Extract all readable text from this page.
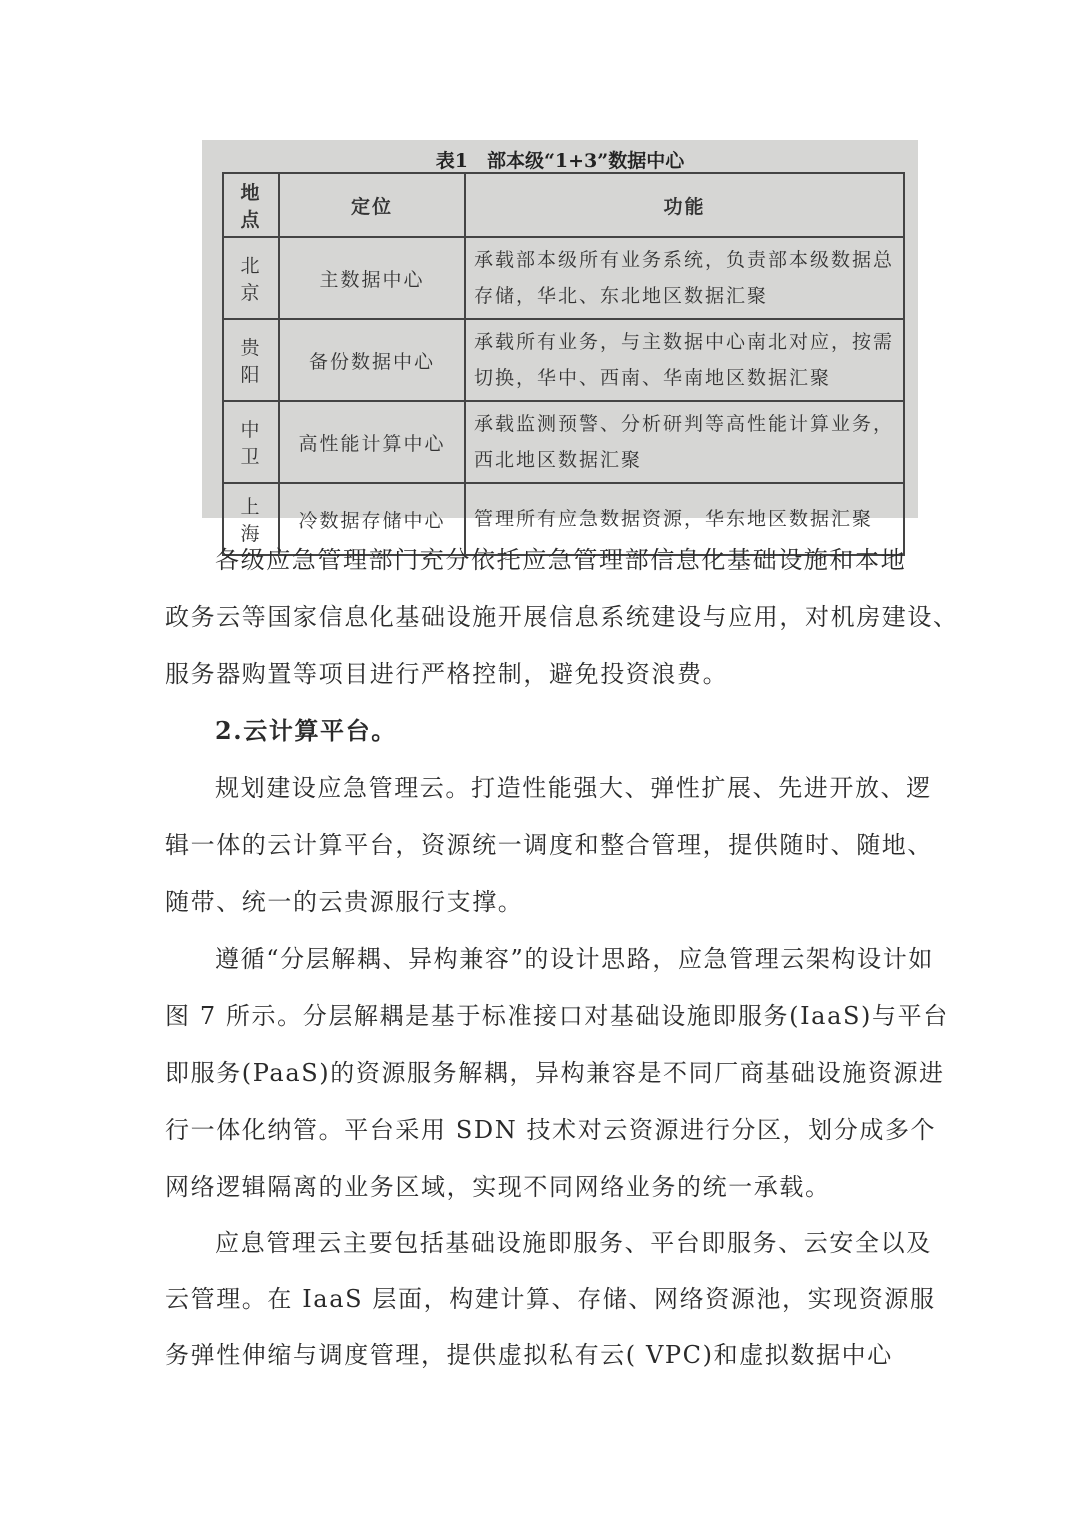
表1　部本级“1+3”数据中心
地点	定位	功能
北京	主数据中心	承载部本级所有业务系统，负责部本级数据总存储，华北、东北地区数据汇聚
贵阳	备份数据中心	承载所有业务，与主数据中心南北对应，按需切换，华中、西南、华南地区数据汇聚
中卫	高性能计算中心	承载监测预警、分析研判等高性能计算业务，西北地区数据汇聚
上海	冷数据存储中心	管理所有应急数据资源，华东地区数据汇聚
各级应急管理部门充分依托应急管理部信息化基础设施和本地
政务云等国家信息化基础设施开展信息系统建设与应用，对机房建设、
服务器购置等项目进行严格控制，避免投资浪费。
2.云计算平台。
规划建设应急管理云。打造性能强大、弹性扩展、先进开放、逻
辑一体的云计算平台，资源统一调度和整合管理，提供随时、随地、
随带、统一的云贵源服行支撑。
遵循“分层解耦、异构兼容”的设计思路，应急管理云架构设计如
图 7 所示。分层解耦是基于标准接口对基础设施即服务(IaaS)与平台
即服务(PaaS)的资源服务解耦，异构兼容是不同厂商基础设施资源进
行一体化纳管。平台采用 SDN 技术对云资源进行分区，划分成多个
网络逻辑隔离的业务区域，实现不同网络业务的统一承载。
应息管理云主要包括基础设施即服务、平台即服务、云安全以及
云管理。在 IaaS 层面，构建计算、存储、网络资源池，实现资源服
务弹性伸缩与调度管理，提供虚拟私有云( VPC)和虚拟数据中心
